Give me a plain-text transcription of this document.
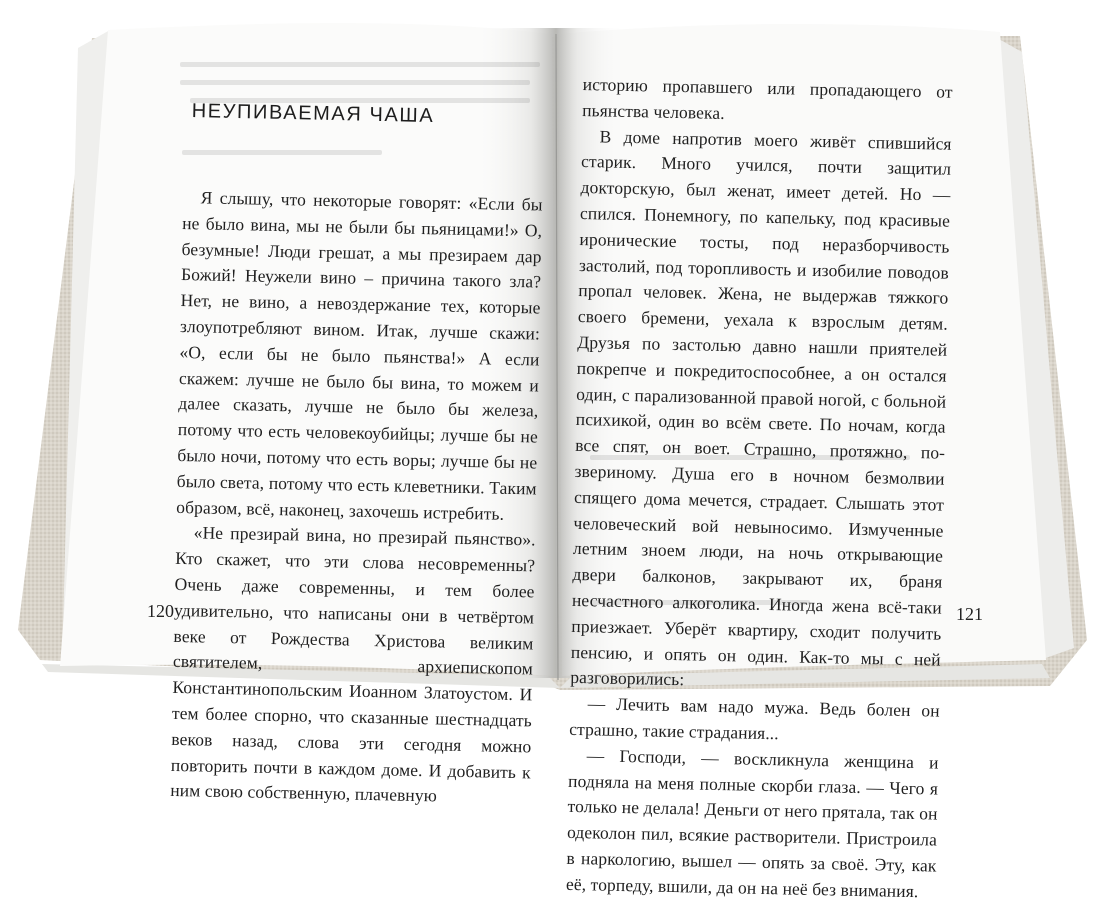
НЕУПИВАЕМАЯ ЧАША

Я слышу, что некоторые говорят: «Если бы не было вина, мы не были бы пьяницами!» О, безумные! Люди грешат, а мы презираем дар Божий! Неужели вино – причина такого зла? Нет, не вино, а невоздержание тех, которые злоупотребляют вином. Итак, лучше скажи: «О, если бы не было пьянства!» А если скажем: лучше не было бы вина, то можем и далее сказать, лучше не было бы железа, потому что есть человекоубийцы; лучше бы не было ночи, потому что есть воры; лучше бы не было света, потому что есть клеветники. Таким образом, всё, наконец, захочешь истребить.

«Не презирай вина, но презирай пьянство». Кто скажет, что эти слова несовременны? Очень даже современны, и тем более удивительно, что написаны они в четвёртом веке от Рождества Христова великим святителем, архиепископом Константинопольским Иоанном Златоустом. И тем более спорно, что сказанные шестнадцать веков назад, слова эти сегодня можно повторить почти в каждом доме. И добавить к ним свою собственную, плачевную

120

историю пропавшего или пропадающего от пьянства человека.

В доме напротив моего живёт спившийся старик. Много учился, почти защитил докторскую, был женат, имеет детей. Но — спился. Понемногу, по капельку, под красивые иронические тосты, под неразборчивость застолий, под торопливость и изобилие поводов пропал человек. Жена, не выдержав тяжкого своего бремени, уехала к взрослым детям. Друзья по застолью давно нашли приятелей покрепче и покредитоспособнее, а он остался один, с парализованной правой ногой, с больной психикой, один во всём свете. По ночам, когда все спят, он воет. Страшно, протяжно, по-звериному. Душа его в ночном безмолвии спящего дома мечется, страдает. Слышать этот человеческий вой невыносимо. Измученные летним зноем люди, на ночь открывающие двери балконов, закрывают их, браня несчастного алкоголика. Иногда жена всё-таки приезжает. Уберёт квартиру, сходит получить пенсию, и опять он один. Как-то мы с ней разговорились:

— Лечить вам надо мужа. Ведь болен он страшно, такие страдания...

— Господи, — воскликнула женщина и подняла на меня полные скорби глаза. — Чего я только не делала! Деньги от него прятала, так он одеколон пил, всякие растворители. Пристроила в наркологию, вышел — опять за своё. Эту, как её, торпеду, вшили, да он на неё без внимания.

121
